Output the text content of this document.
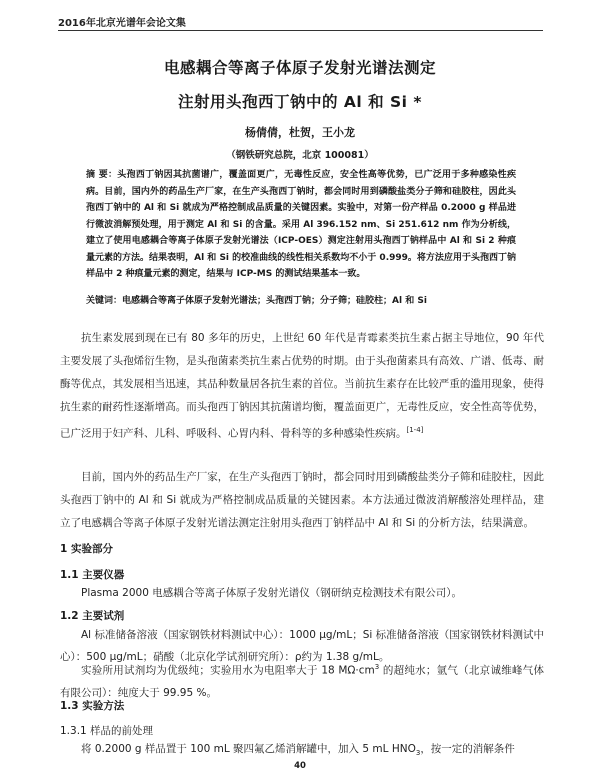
2016年北京光谱年会论文集
电感耦合等离子体原子发射光谱法测定
注射用头孢西丁钠中的 Al 和 Si *
杨倩倩，杜贺，王小龙
（钢铁研究总院，北京 100081）
摘 要：头孢西丁钠因其抗菌谱广，覆盖面更广，无毒性反应，安全性高等优势，已广泛用于多种感染性疾病。目前，国内外的药品生产厂家，在生产头孢西丁钠时，都会同时用到磷酸盐类分子筛和硅胶柱，因此头孢西丁钠中的 Al 和 Si 就成为严格控制成品质量的关键因素。实验中，对第一份产样品 0.2000 g 样品进行微波消解预处理，用于测定 Al 和 Si 的含量。采用 Al 396.152 nm、Si 251.612 nm 作为分析线，建立了使用电感耦合等离子体原子发射光谱法（ICP-OES）测定注射用头孢西丁钠样品中 Al 和 Si 2 种痕量元素的方法。结果表明，Al 和 Si 的校准曲线的线性相关系数均不小于 0.999。将方法应用于头孢西丁钠样品中 2 种痕量元素的测定，结果与 ICP-MS 的测试结果基本一致。
关键词：电感耦合等离子体原子发射光谱法；头孢西丁钠；分子筛；硅胶柱；Al 和 Si
抗生素发展到现在已有 80 多年的历史，上世纪 60 年代是青霉素类抗生素占据主导地位，90 年代主要发展了头孢烯衍生物，是头孢菌素类抗生素占优势的时期。由于头孢菌素具有高效、广谱、低毒、耐酶等优点，其发展相当迅速，其品种数量居各抗生素的首位。当前抗生素存在比较严重的滥用现象，使得抗生素的耐药性逐渐增高。而头孢西丁钠因其抗菌谱均衡，覆盖面更广，无毒性反应，安全性高等优势，已广泛用于妇产科、儿科、呼吸科、心胃内科、骨科等的多种感染性疾病。[1-4]
目前，国内外的药品生产厂家，在生产头孢西丁钠时，都会同时用到磷酸盐类分子筛和硅胶柱，因此头孢西丁钠中的 Al 和 Si 就成为严格控制成品质量的关键因素。本方法通过微波消解酸溶处理样品，建立了电感耦合等离子体原子发射光谱法测定注射用头孢西丁钠样品中 Al 和 Si 的分析方法，结果满意。
1 实验部分
1.1 主要仪器
Plasma 2000 电感耦合等离子体原子发射光谱仪（钢研纳克检测技术有限公司）。
1.2 主要试剂
Al 标准储备溶液（国家钢铁材料测试中心）：1000 μg/mL；Si 标准储备溶液（国家钢铁材料测试中心）：500 μg/mL；硝酸（北京化学试剂研究所）：ρ约为 1.38 g/mL。
实验所用试剂均为优级纯；实验用水为电阻率大于 18 $M\Omega\cdot cm^3$ 的超纯水；氩气（北京诚维峰气体有限公司）：纯度大于 99.95 %。
1.3 实验方法
1.3.1 样品的前处理
将 0.2000 g 样品置于 100 mL 聚四氟乙烯消解罐中，加入 5 mL $HNO_3$，按一定的消解条件
40
